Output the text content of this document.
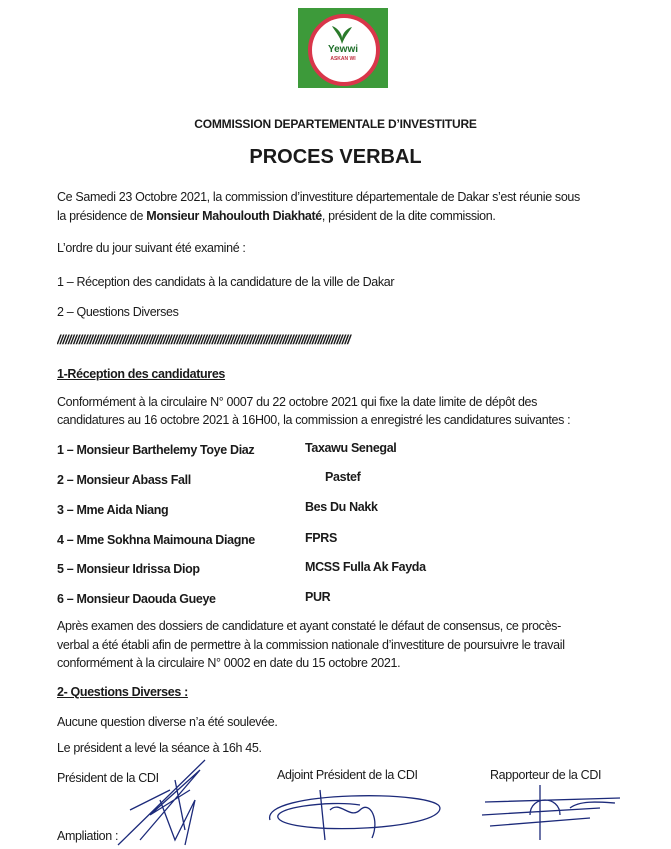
Yewwi
ASKAN WI
COMMISSION DEPARTEMENTALE D’INVESTITURE
PROCES VERBAL
Ce Samedi 23 Octobre 2021, la commission d’investiture départementale de Dakar s’est réunie sous
la présidence de Monsieur Mahoulouth Diakhaté, président de la dite commission.
L’ordre du jour suivant été examiné :
1 – Réception des candidats à la candidature de la ville de Dakar
2 – Questions Diverses
////////////////////////////////////////////////////////////////////////////////////////////////////////////
1-Réception des candidatures
Conformément à la circulaire N° 0007 du 22 octobre 2021 qui fixe la date limite de dépôt des
candidatures au 16 octobre 2021 à 16H00, la commission a enregistré les candidatures suivantes :
1 – Monsieur Barthelemy Toye Diaz	Taxawu Senegal
2 – Monsieur Abass Fall	Pastef
3 – Mme Aida Niang	Bes Du Nakk
4 – Mme Sokhna Maimouna Diagne	FPRS
5 – Monsieur Idrissa Diop	MCSS Fulla Ak Fayda
6 – Monsieur Daouda Gueye	PUR
Après examen des dossiers de candidature et ayant constaté le défaut de consensus, ce procès-
verbal a été établi afin de permettre à la commission nationale d’investiture de poursuivre le travail
conformément à la circulaire N° 0002 en date du 15 octobre 2021.
2- Questions Diverses :
Aucune question diverse n’a été soulevée.
Le président a levé la séance à 16h 45.
Président de la CDI	Adjoint Président de la CDI	Rapporteur de la CDI
Ampliation :
